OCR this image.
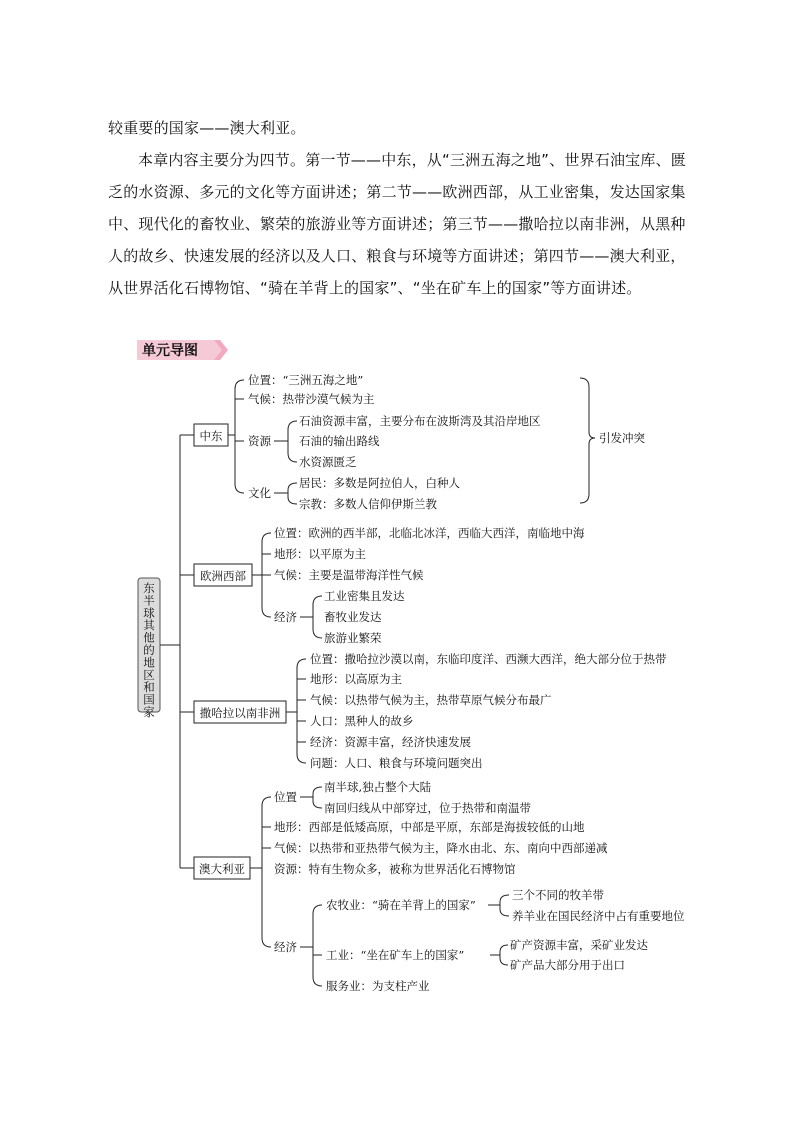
较重要的国家——澳大利亚。

本章内容主要分为四节。第一节——中东，从“三洲五海之地”、世界石油宝库、匮乏的水资源、多元的文化等方面讲述；第二节——欧洲西部，从工业密集，发达国家集中、现代化的畜牧业、繁荣的旅游业等方面讲述；第三节——撒哈拉以南非洲，从黑种人的故乡、快速发展的经济以及人口、粮食与环境等方面讲述；第四节——澳大利亚，从世界活化石博物馆、“骑在羊背上的国家”、“坐在矿车上的国家”等方面讲述。

单元导图
东半球其他的地区和国家
中东
位置：“三洲五海之地”
气候：热带沙漠气候为主
资源
石油资源丰富，主要分布在波斯湾及其沿岸地区
石油的输出路线
水资源匮乏
文化
居民：多数是阿拉伯人，白种人
宗教：多数人信仰伊斯兰教
引发冲突
欧洲西部
位置：欧洲的西半部，北临北冰洋，西临大西洋，南临地中海
地形：以平原为主
气候：主要是温带海洋性气候
经济
工业密集且发达
畜牧业发达
旅游业繁荣
撒哈拉以南非洲
位置：撒哈拉沙漠以南，东临印度洋、西濒大西洋，绝大部分位于热带
地形：以高原为主
气候：以热带气候为主，热带草原气候分布最广
人口：黑种人的故乡
经济：资源丰富，经济快速发展
问题：人口、粮食与环境问题突出
澳大利亚
位置
南半球,独占整个大陆
南回归线从中部穿过，位于热带和南温带
地形：西部是低矮高原，中部是平原，东部是海拔较低的山地
气候：以热带和亚热带气候为主，降水由北、东、南向中西部递减
资源：特有生物众多，被称为世界活化石博物馆
经济
农牧业：“骑在羊背上的国家”
三个不同的牧羊带
养羊业在国民经济中占有重要地位
工业：“坐在矿车上的国家”
矿产资源丰富，采矿业发达
矿产品大部分用于出口
服务业：为支柱产业
